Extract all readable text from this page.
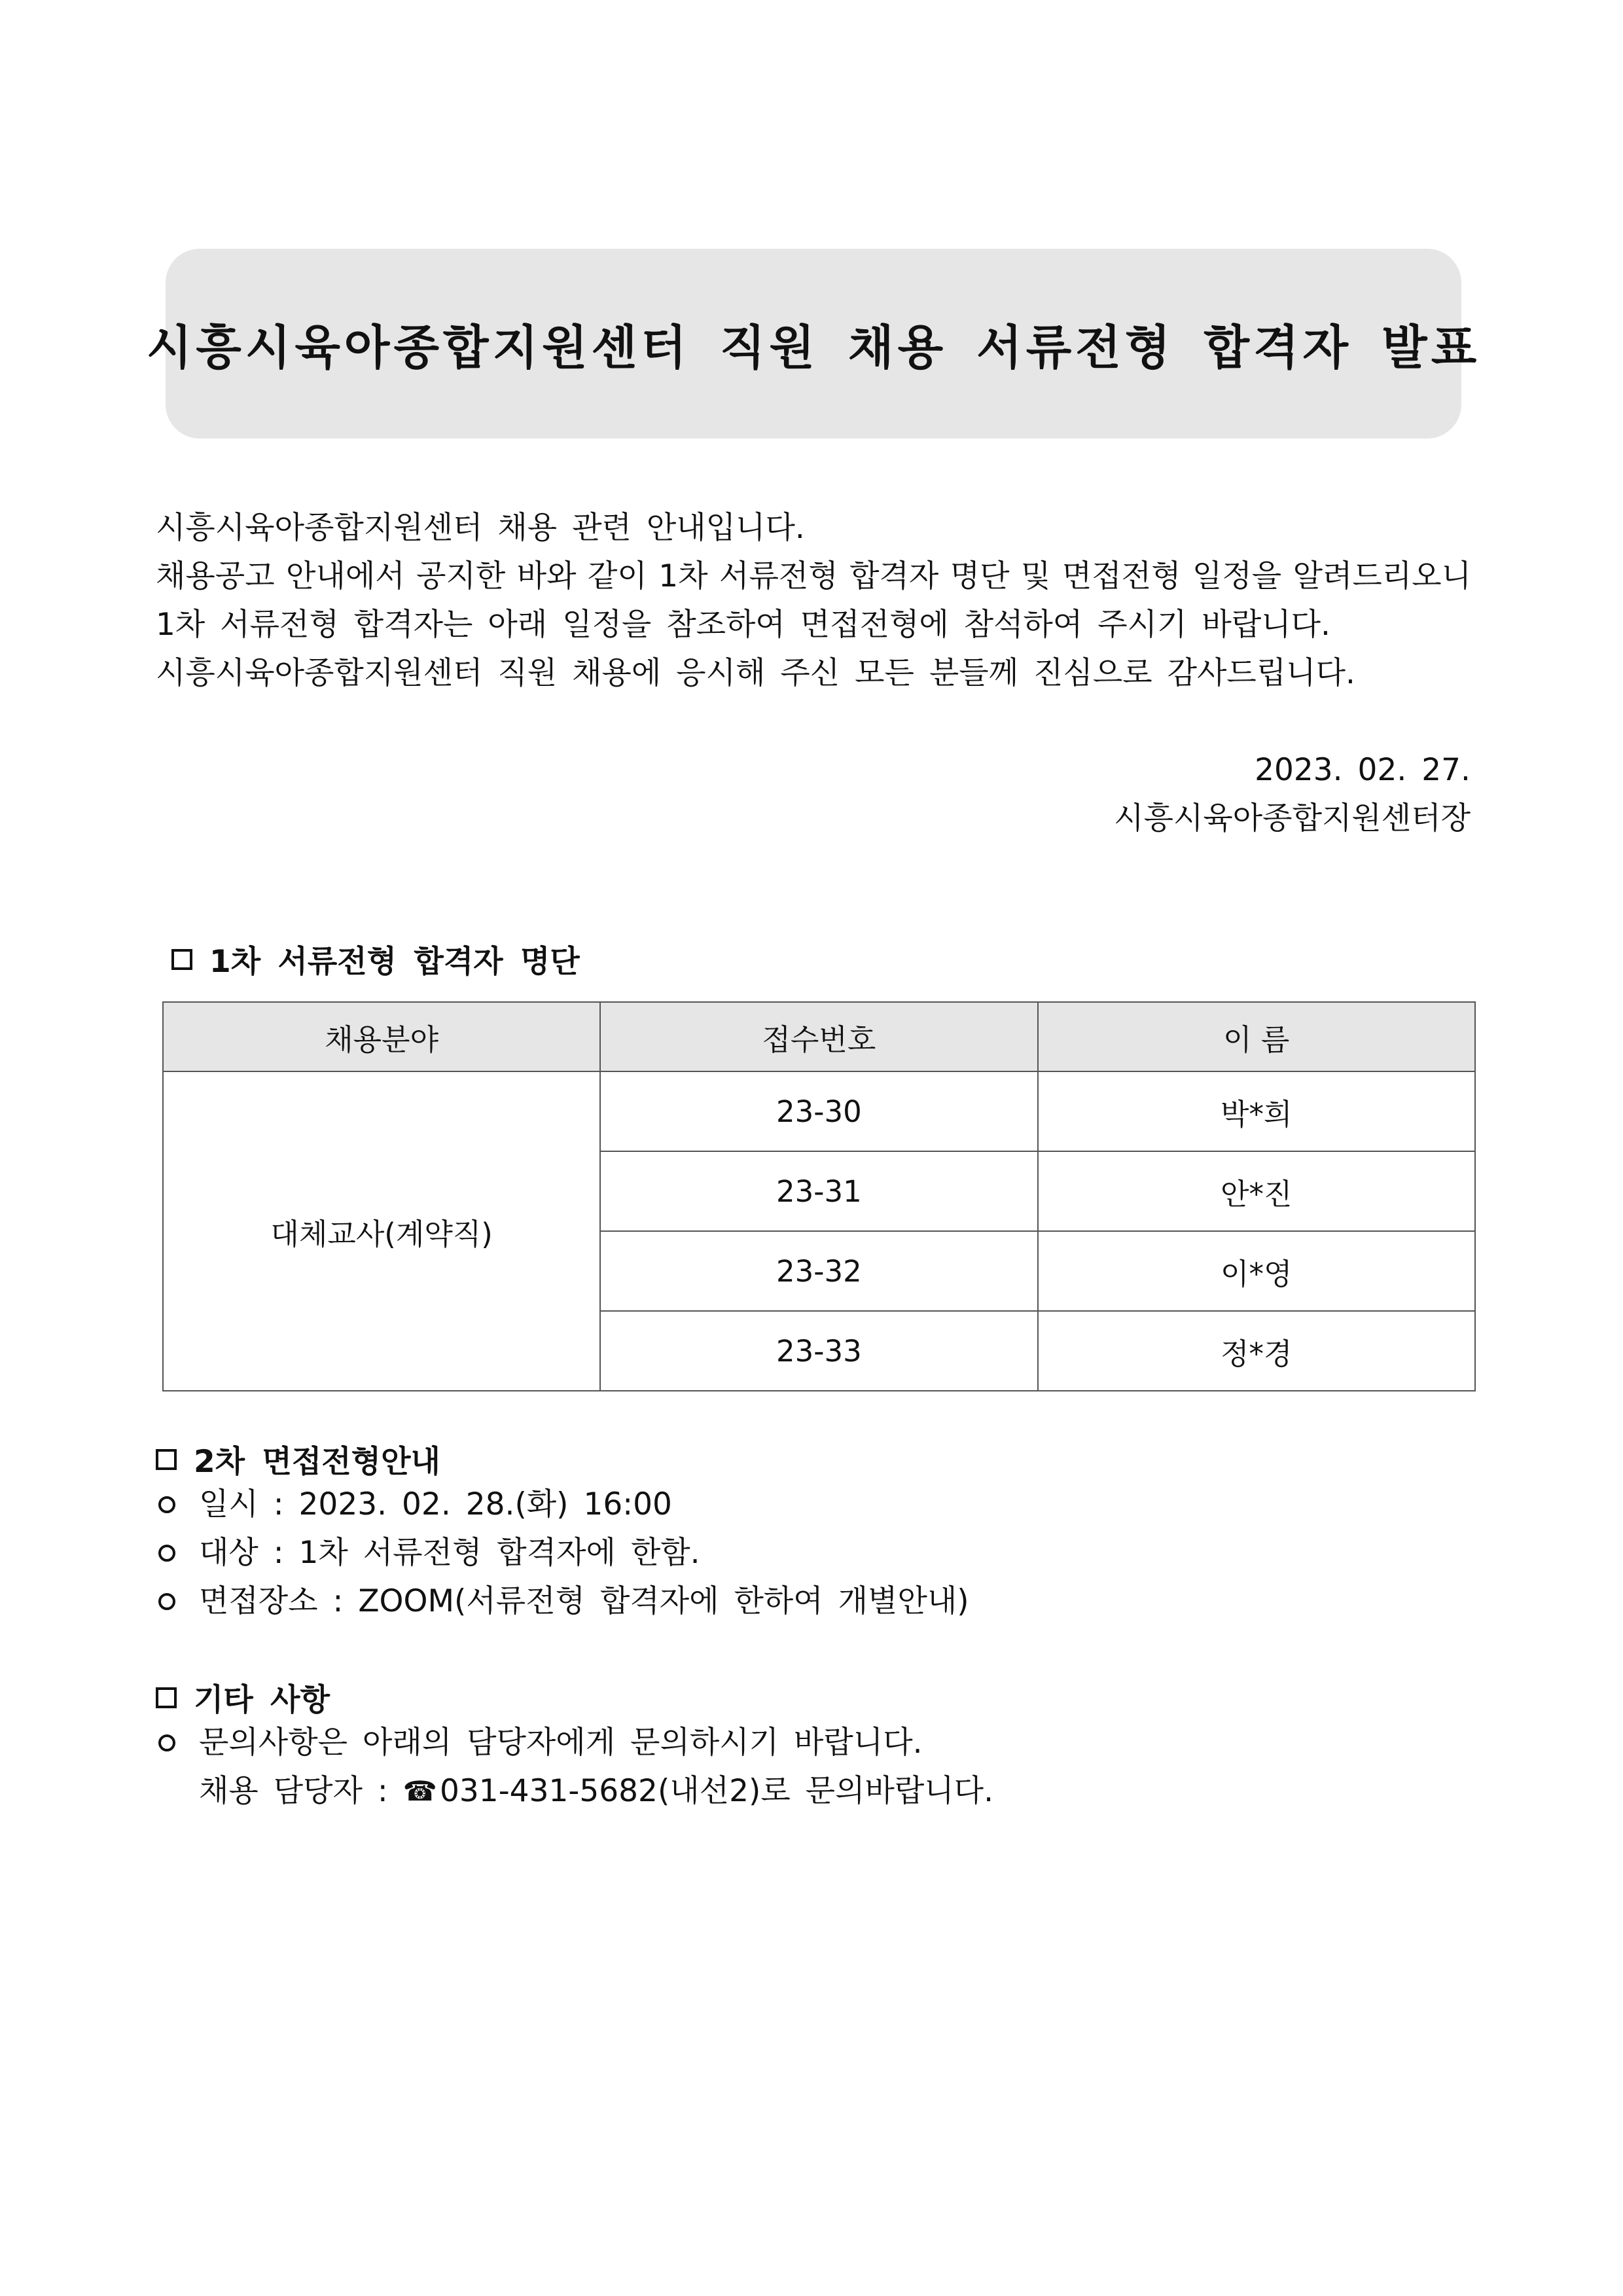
시흥시육아종합지원센터 직원 채용 서류전형 합격자 발표

시흥시육아종합지원센터 채용 관련 안내입니다.

채용공고 안내에서 공지한 바와 같이 1차 서류전형 합격자 명단 및 면접전형 일정을 알려드리오니

1차 서류전형 합격자는 아래 일정을 참조하여 면접전형에 참석하여 주시기 바랍니다.

시흥시육아종합지원센터 직원 채용에 응시해 주신 모든 분들께 진심으로 감사드립니다.

2023. 02. 27.

시흥시육아종합지원센터장

1차 서류전형 합격자 명단
채용분야	접수번호	이 름
대체교사(계약직)	23-30	박*희
	23-31	안*진
	23-32	이*영
	23-33	정*경
2차 면접전형안내
일시 : 2023. 02. 28.(화) 16:00
대상 : 1차 서류전형 합격자에 한함.
면접장소 : ZOOM(서류전형 합격자에 한하여 개별안내)
기타 사항
문의사항은 아래의 담당자에게 문의하시기 바랍니다.
채용 담당자 : ☎ 031-431-5682(내선2)로 문의바랍니다.
